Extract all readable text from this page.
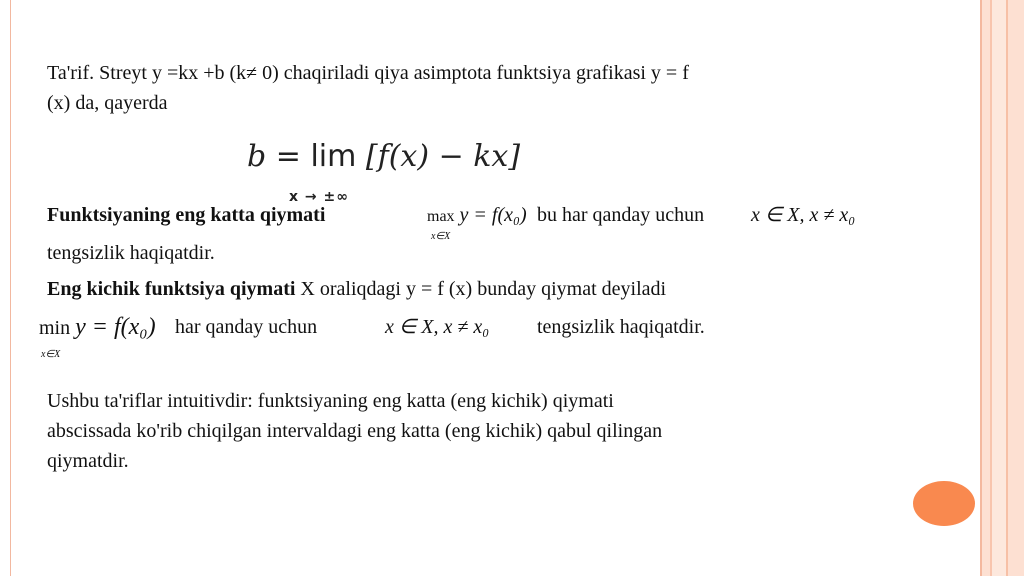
Ta'rif. Streyt y =kx +b (k≠ 0) chaqiriladi qiya asimptota funktsiya grafikasi y = f
(x) da, qayerda
b = lim [f(x) − kx]
x → ±∞
Funktsiyaning eng katta qiymati	max y = f(x₀)
x∈X
bu har qanday uchun x ∈ X, x ≠ x₀
tengsizlik haqiqatdir.
Eng kichik funktsiya qiymati X oraliqdagi y = f (x) bunday qiymat deyiladi
min y = f(x₀)
x∈X
har qanday uchun	x ∈ X, x ≠ x₀ tengsizlik haqiqatdir.
Ushbu ta'riflar intuitivdir: funktsiyaning eng katta (eng kichik) qiymati
abscissada ko'rib chiqilgan intervaldagi eng katta (eng kichik) qabul qilingan
qiymatdir.
